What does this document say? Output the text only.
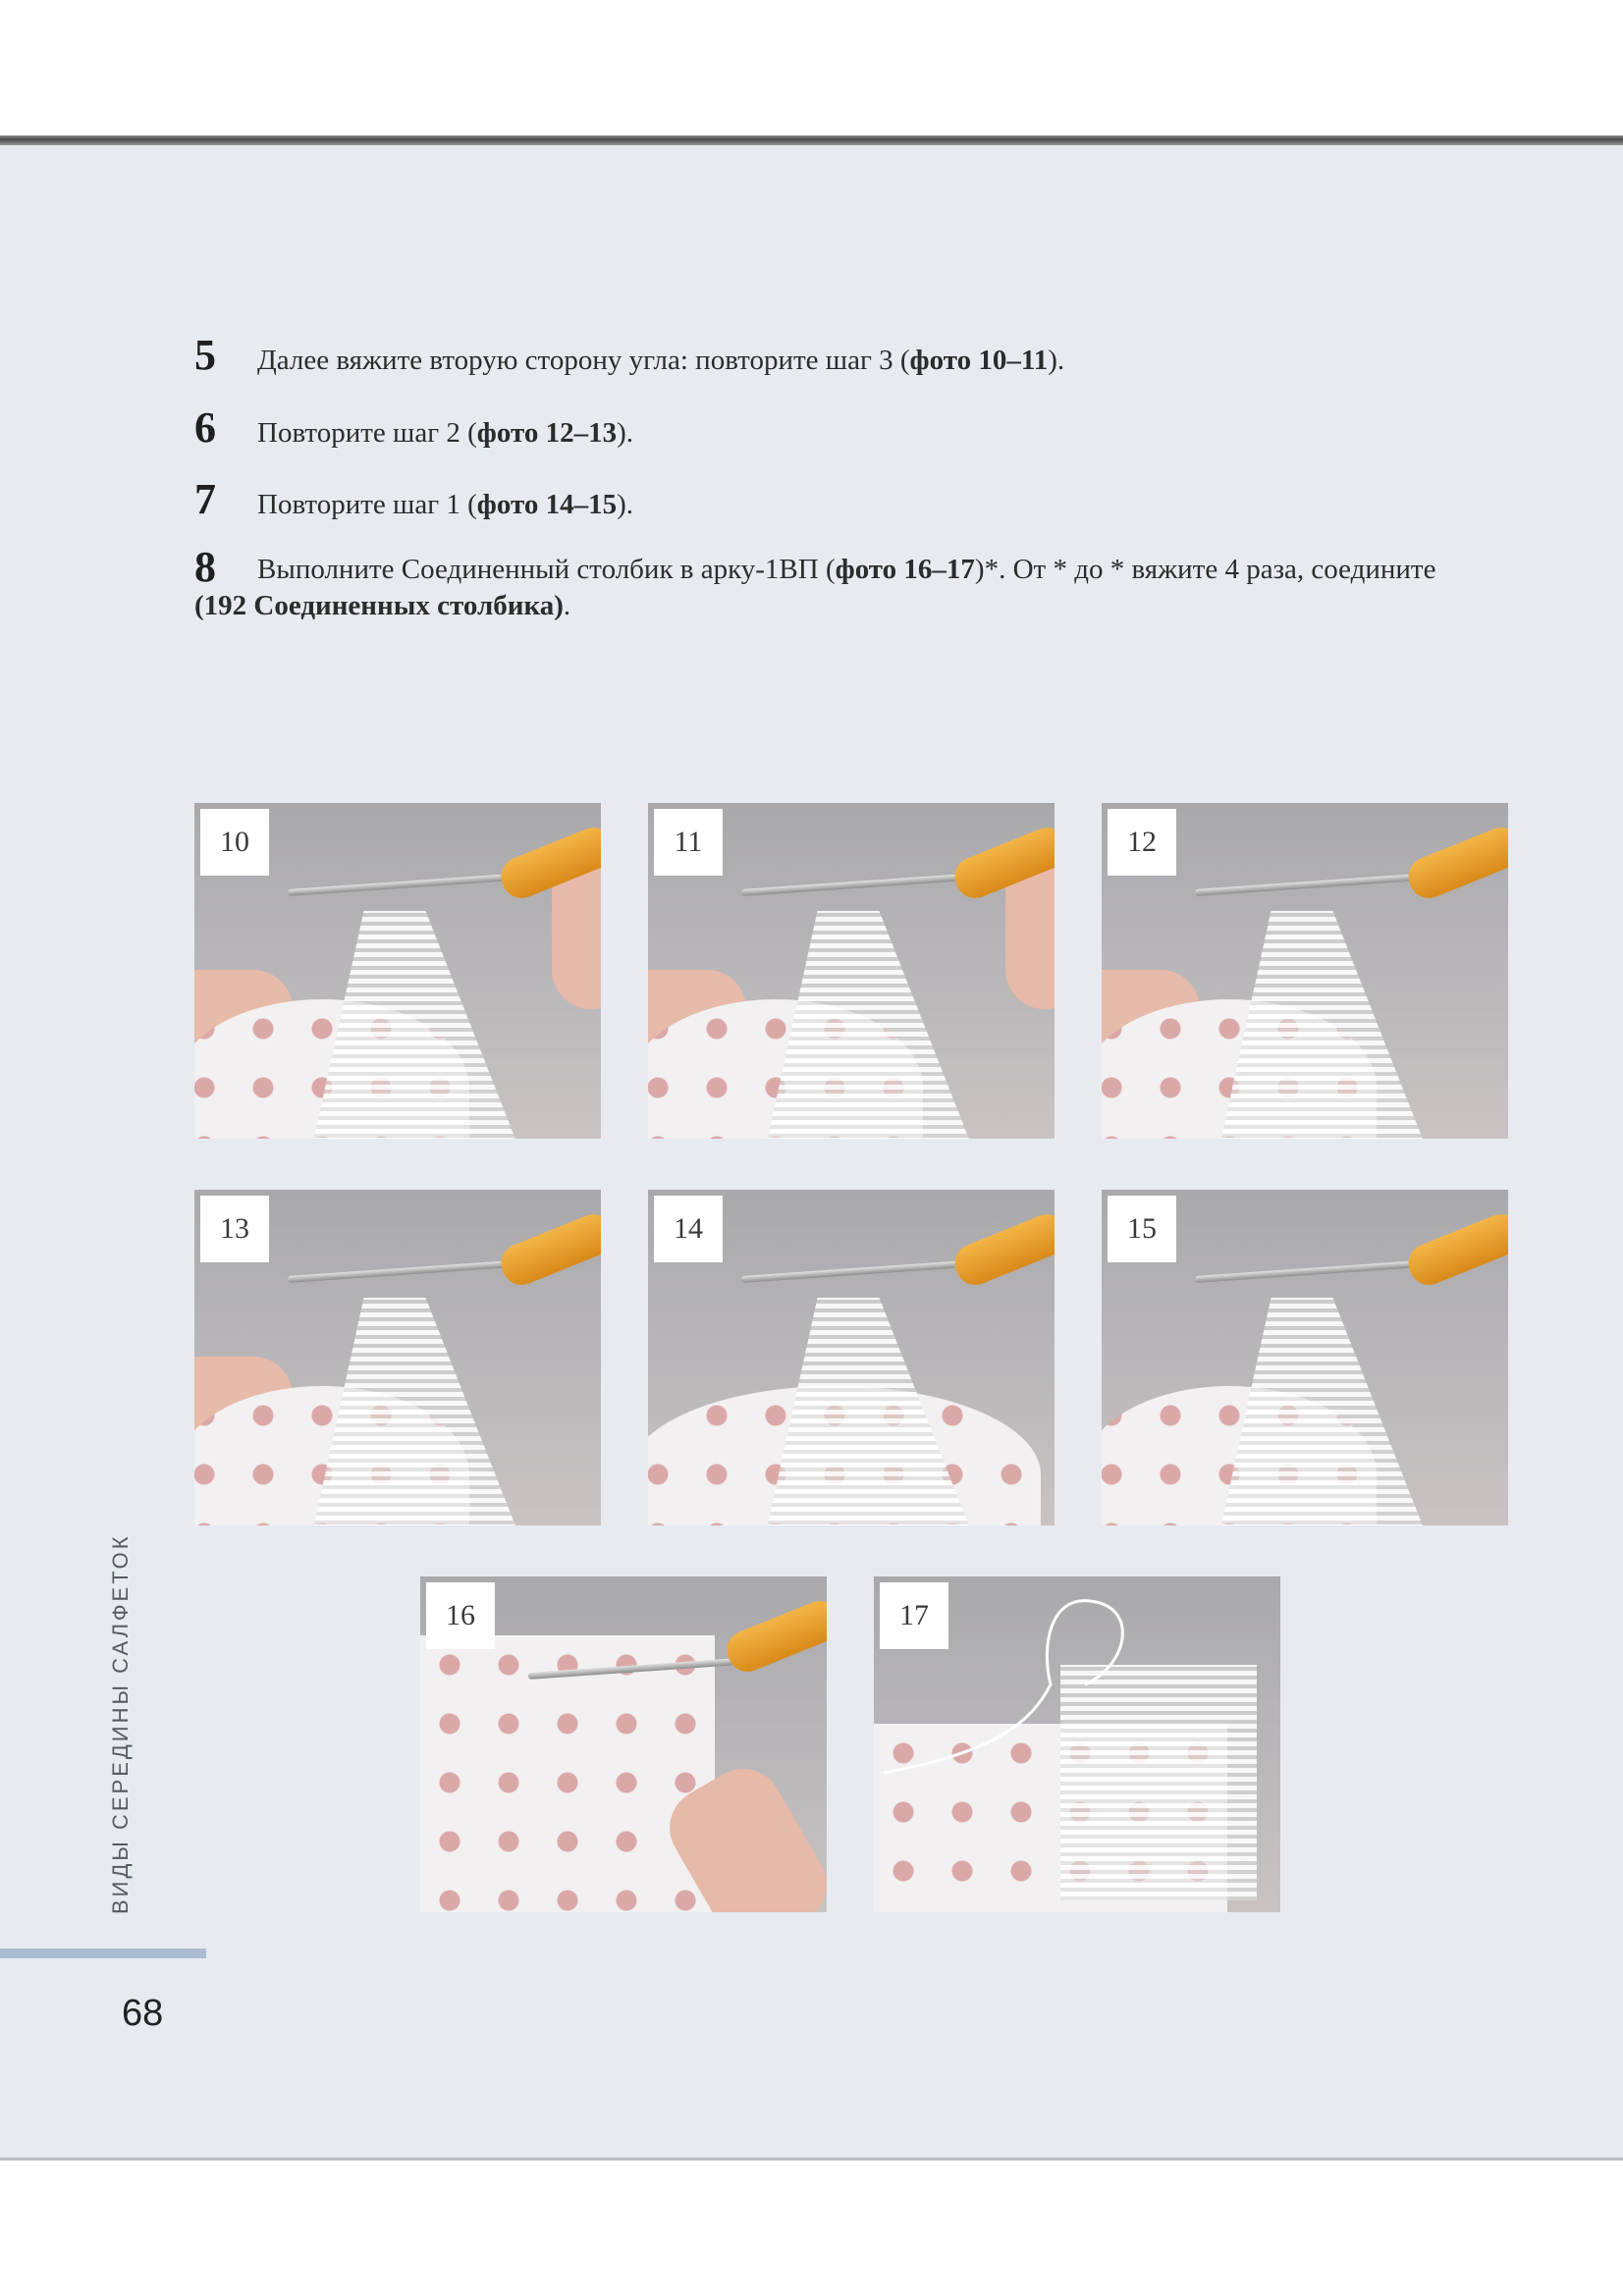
5	Далее вяжите вторую сторону угла: повторите шаг 3 (фото 10–11).
6	Повторите шаг 2 (фото 12–13).
7	Повторите шаг 1 (фото 14–15).
8	Выполните Соединенный столбик в арку-1ВП (фото 16–17)*. От * до * вяжите 4 раза, соедините
(192 Соединенных столбика).
10	11	12
13	14	15
16	17
ВИДЫ СЕРЕДИНЫ САЛФЕТОК
68
